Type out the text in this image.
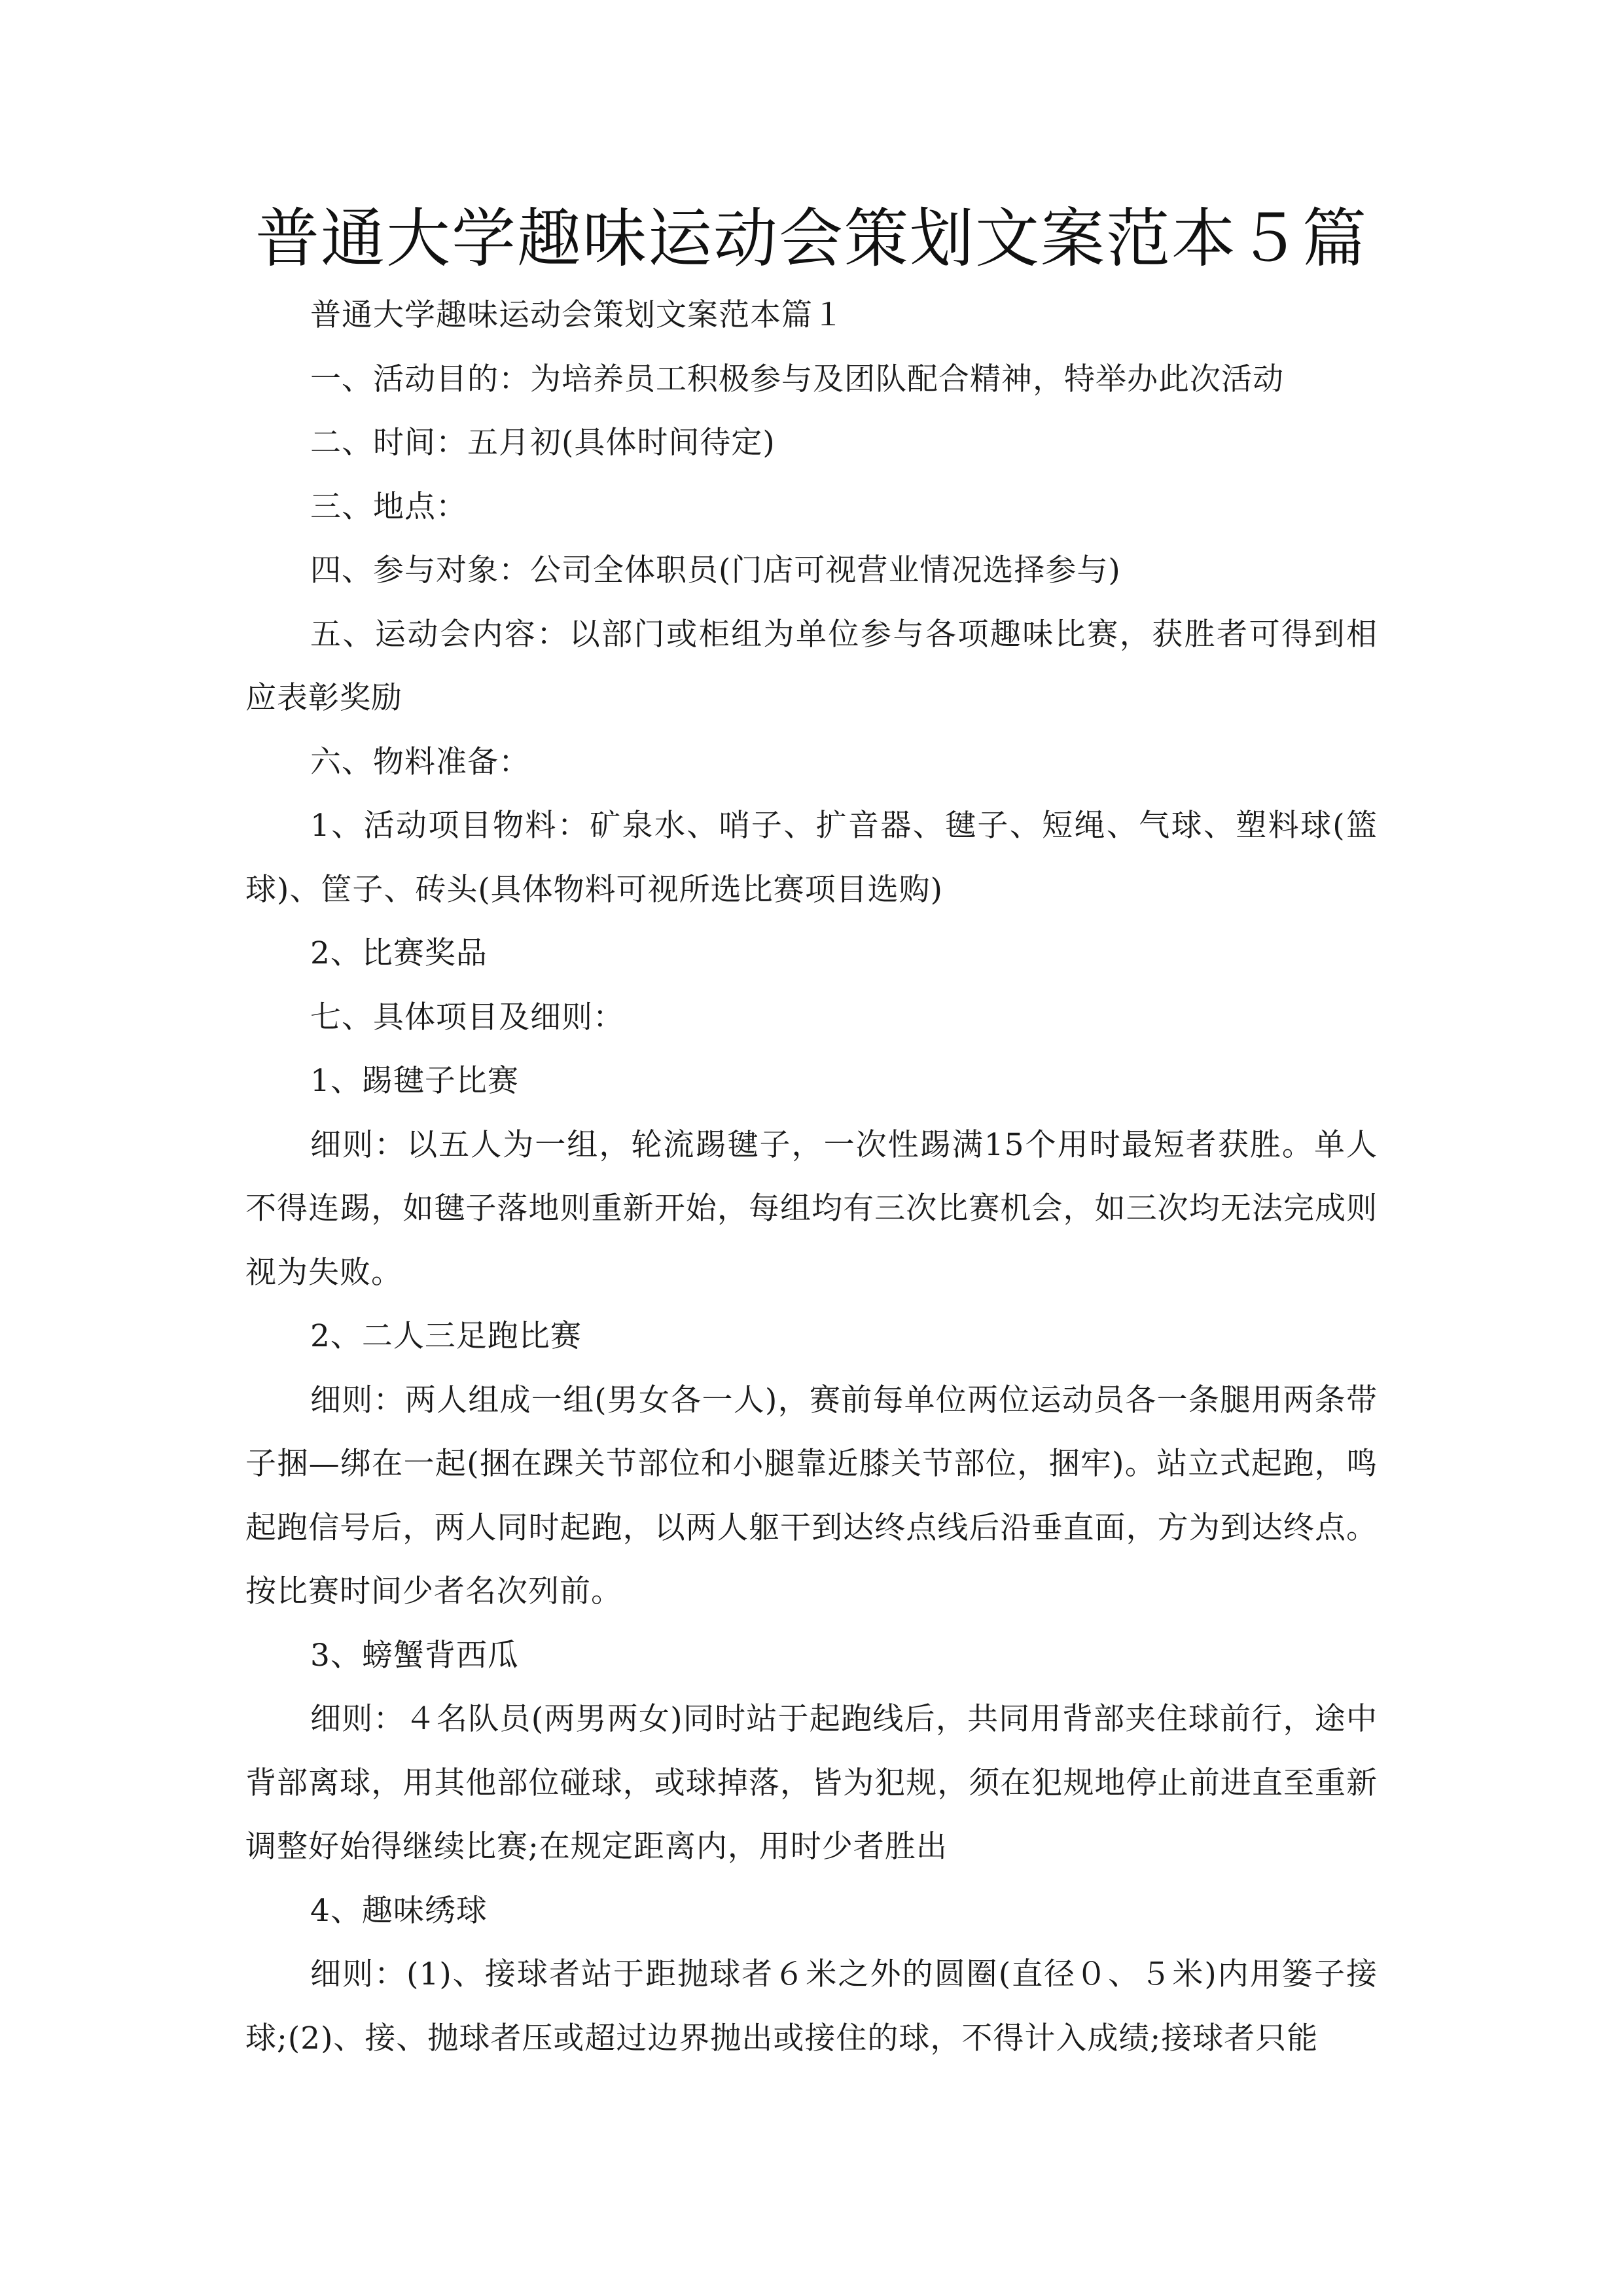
普通大学趣味运动会策划文案范本５篇

普通大学趣味运动会策划文案范本篇１

一、活动目的：为培养员工积极参与及团队配合精神，特举办此次活动

二、时间：五月初(具体时间待定)

三、地点：

四、参与对象：公司全体职员(门店可视营业情况选择参与)

五、运动会内容：以部门或柜组为单位参与各项趣味比赛，获胜者可得到相应表彰奖励

六、物料准备：

1、活动项目物料：矿泉水、哨子、扩音器、毽子、短绳、气球、塑料球(篮球)、筐子、砖头(具体物料可视所选比赛项目选购)

2、比赛奖品

七、具体项目及细则：

1、踢毽子比赛

细则：以五人为一组，轮流踢毽子，一次性踢满15个用时最短者获胜。单人不得连踢，如毽子落地则重新开始，每组均有三次比赛机会，如三次均无法完成则视为失败。

2、二人三足跑比赛

细则：两人组成一组(男女各一人)，赛前每单位两位运动员各一条腿用两条带子捆—绑在一起(捆在踝关节部位和小腿靠近膝关节部位，捆牢)。站立式起跑，鸣起跑信号后，两人同时起跑，以两人躯干到达终点线后沿垂直面，方为到达终点。按比赛时间少者名次列前。

3、螃蟹背西瓜

细则：４名队员(两男两女)同时站于起跑线后，共同用背部夹住球前行，途中背部离球，用其他部位碰球，或球掉落，皆为犯规，须在犯规地停止前进直至重新调整好始得继续比赛;在规定距离内，用时少者胜出

4、趣味绣球

细则：(1)、接球者站于距抛球者６米之外的圆圈(直径０、５米)内用篓子接球;(2)、接、抛球者压或超过边界抛出或接住的球，不得计入成绩;接球者只能
